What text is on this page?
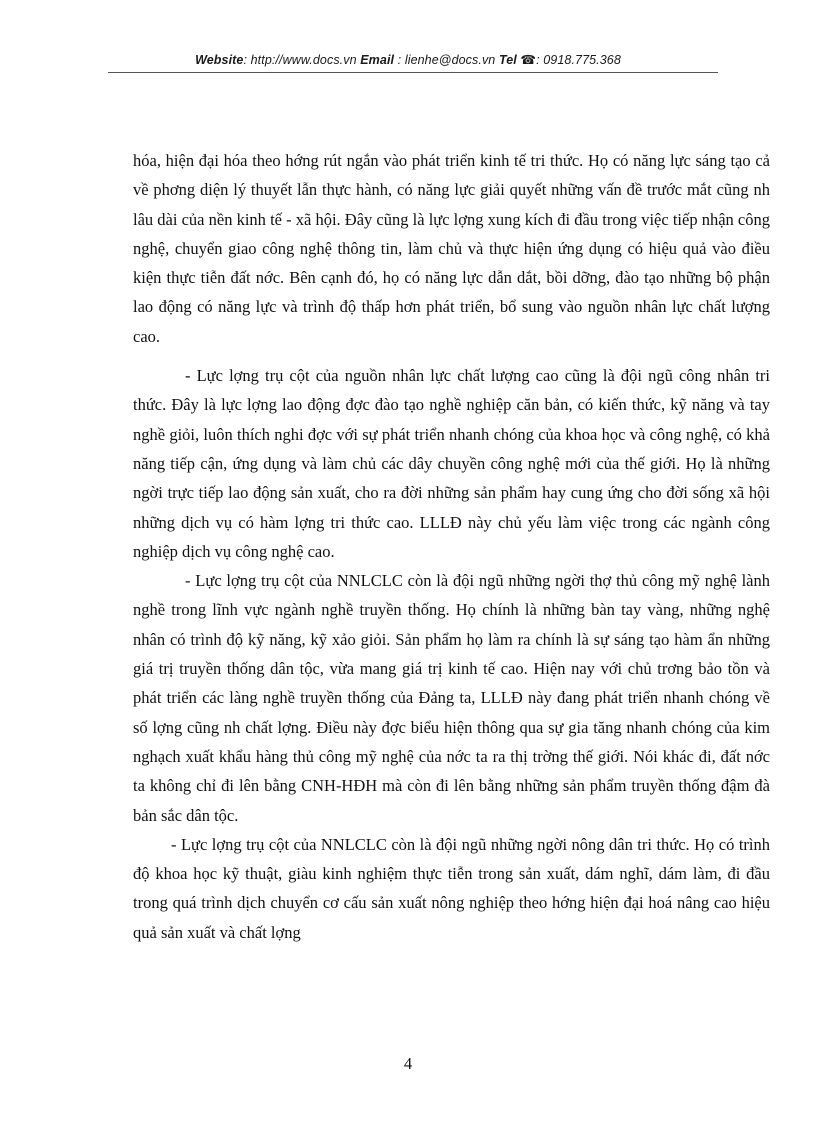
Website: http://www.docs.vn Email : lienhe@docs.vn Tel ☎: 0918.775.368

hóa, hiện đại hóa theo hớng rút ngắn vào phát triển kinh tế tri thức. Họ có năng lực sáng tạo cả về phơng diện lý thuyết lẫn thực hành, có năng lực giải quyết những vấn đề trước mắt cũng nh lâu dài của nền kinh tế - xã hội. Đây cũng là lực lợng xung kích đi đầu trong việc tiếp nhận công nghệ, chuyển giao công nghệ thông tin, làm chủ và thực hiện ứng dụng có hiệu quả vào điều kiện thực tiễn đất nớc. Bên cạnh đó, họ có năng lực dẫn dắt, bồi dỡng, đào tạo những bộ phận lao động có năng lực và trình độ thấp hơn phát triển, bổ sung vào nguồn nhân lực chất lượng cao.

- Lực lợng trụ cột của nguồn nhân lực chất lượng cao cũng là đội ngũ công nhân tri thức. Đây là lực lợng lao động đợc đào tạo nghề nghiệp căn bản, có kiến thức, kỹ năng và tay nghề giỏi, luôn thích nghi đợc với sự phát triển nhanh chóng của khoa học và công nghệ, có khả năng tiếp cận, ứng dụng và làm chủ các dây chuyền công nghệ mới của thế giới. Họ là những ngời trực tiếp lao động sản xuất, cho ra đời những sản phẩm hay cung ứng cho đời sống xã hội những dịch vụ có hàm lợng tri thức cao. LLLĐ này chủ yếu làm việc trong các ngành công nghiệp dịch vụ công nghệ cao.

- Lực lợng trụ cột của NNLCLC còn là đội ngũ những ngời thợ thủ công mỹ nghệ lành nghề trong lĩnh vực ngành nghề truyền thống. Họ chính là những bàn tay vàng, những nghệ nhân có trình độ kỹ năng, kỹ xảo giỏi. Sản phẩm họ làm ra chính là sự sáng tạo hàm ẩn những giá trị truyền thống dân tộc, vừa mang giá trị kinh tế cao. Hiện nay với chủ trơng bảo tồn và phát triển các làng nghề truyền thống của Đảng ta, LLLĐ này đang phát triển nhanh chóng về số lợng cũng nh chất lợng. Điều này đợc biểu hiện thông qua sự gia tăng nhanh chóng của kim nghạch xuất khẩu hàng thủ công mỹ nghệ của nớc ta ra thị trờng thế giới. Nói khác đi, đất nớc ta không chỉ đi lên bằng CNH-HĐH mà còn đi lên bằng những sản phẩm truyền thống đậm đà bản sắc dân tộc.

- Lực lợng trụ cột của NNLCLC còn là đội ngũ những ngời nông dân tri thức. Họ có trình độ khoa học kỹ thuật, giàu kinh nghiệm thực tiễn trong sản xuất, dám nghĩ, dám làm, đi đầu trong quá trình dịch chuyển cơ cấu sản xuất nông nghiệp theo hớng hiện đại hoá nâng cao hiệu quả sản xuất và chất lợng

4
